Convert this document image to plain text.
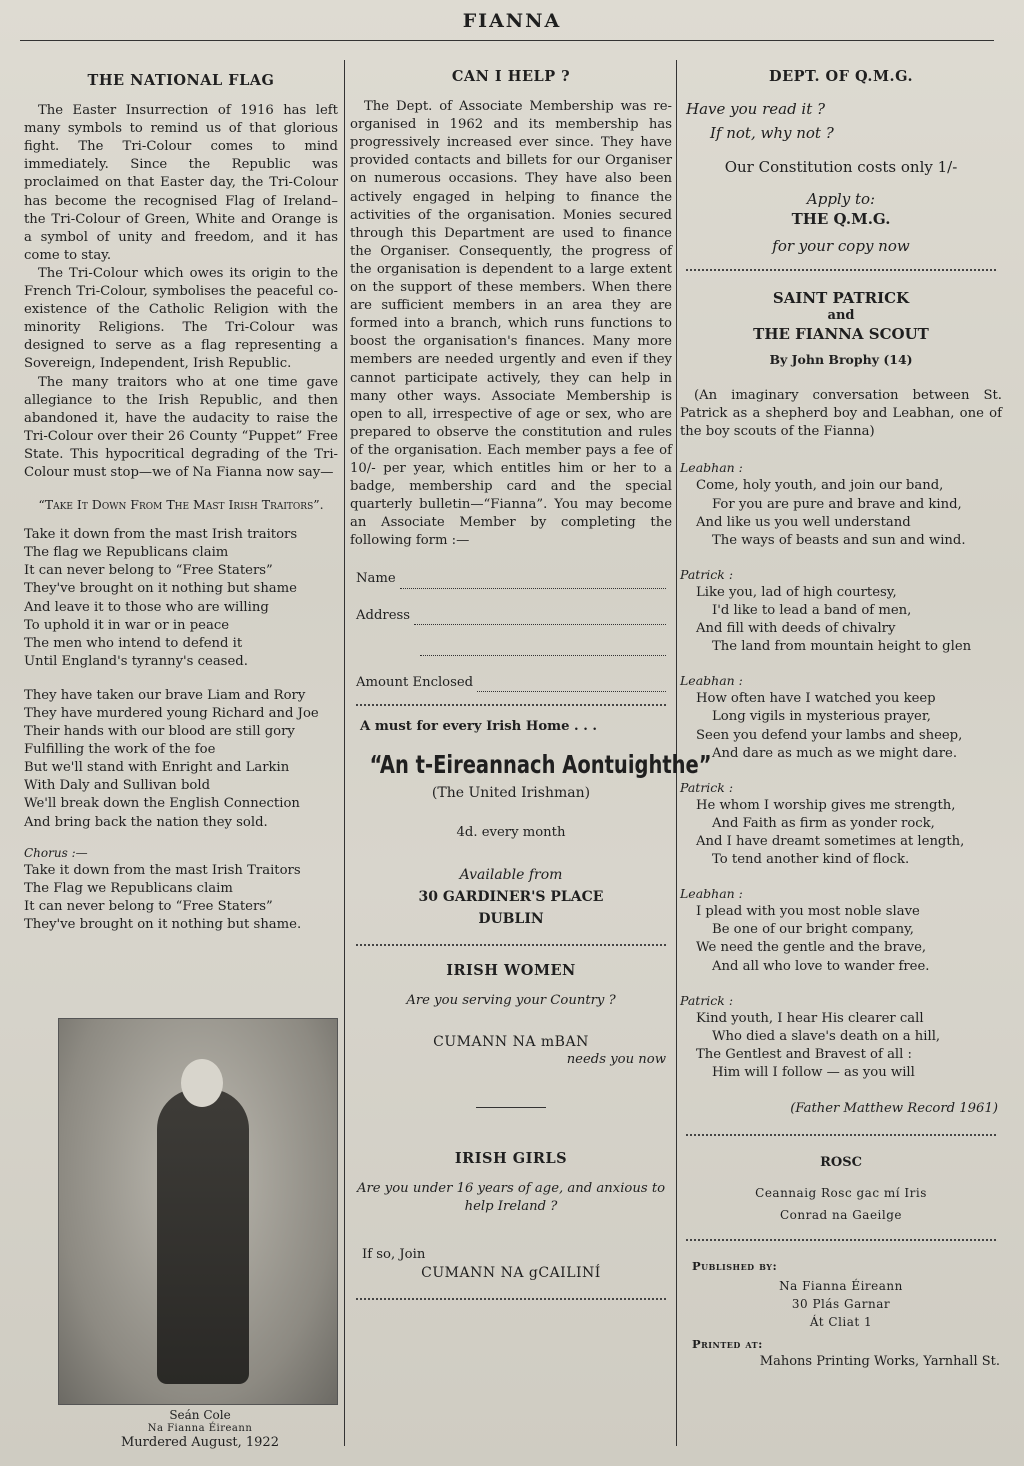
FIANNA
THE NATIONAL FLAG

The Easter Insurrection of 1916 has left many symbols to remind us of that glorious fight. The Tri-Colour comes to mind immediately. Since the Republic was proclaimed on that Easter day, the Tri-Colour has become the recognised Flag of Ireland–the Tri-Colour of Green, White and Orange is a symbol of unity and freedom, and it has come to stay.

The Tri-Colour which owes its origin to the French Tri-Colour, symbolises the peaceful co-existence of the Catholic Religion with the minority Religions. The Tri-Colour was designed to serve as a flag representing a Sovereign, Independent, Irish Republic.

The many traitors who at one time gave allegiance to the Irish Republic, and then abandoned it, have the audacity to raise the Tri-Colour over their 26 County “Puppet” Free State. This hypocritical degrading of the Tri-Colour must stop—we of Na Fianna now say—

“Take It Down From The Mast Irish Traitors”.

Take it down from the mast Irish traitors
The flag we Republicans claim
It can never belong to “Free Staters”
They've brought on it nothing but shame
And leave it to those who are willing
To uphold it in war or in peace
The men who intend to defend it
Until England's tyranny's ceased.
They have taken our brave Liam and Rory
They have murdered young Richard and Joe
Their hands with our blood are still gory
Fulfilling the work of the foe
But we'll stand with Enright and Larkin
With Daly and Sullivan bold
We'll break down the English Connection
And bring back the nation they sold.
Chorus :—
Take it down from the mast Irish Traitors
The Flag we Republicans claim
It can never belong to “Free Staters”
They've brought on it nothing but shame.
Seán Cole
Na Fianna Éireann
Murdered August, 1922
CAN I HELP ?

The Dept. of Associate Membership was re-organised in 1962 and its membership has progressively increased ever since. They have provided contacts and billets for our Organiser on numerous occasions. They have also been actively engaged in helping to finance the activities of the organisation. Monies secured through this Department are used to finance the Organiser. Consequently, the progress of the organisation is dependent to a large extent on the support of these members. When there are sufficient members in an area they are formed into a branch, which runs functions to boost the organisation's finances. Many more members are needed urgently and even if they cannot participate actively, they can help in many other ways. Associate Membership is open to all, irrespective of age or sex, who are prepared to observe the constitution and rules of the organisation. Each member pays a fee of 10/- per year, which entitles him or her to a badge, membership card and the special quarterly bulletin—“Fianna”. You may become an Associate Member by completing the following form :—

Name
Address
Amount Enclosed
A must for every Irish Home . . .
“An t-Eireannach Aontuighthe”
(The United Irishman)
4d. every month
Available from
30 GARDINER'S PLACE
DUBLIN
IRISH WOMEN
Are you serving your Country ?
CUMANN NA mBAN
needs you now
IRISH GIRLS

Are you under 16 years of age, and anxious to help Ireland ?

If so, Join
CUMANN NA gCAILINÍ
DEPT. OF Q.M.G.
Have you read it ?
If not, why not ?
Our Constitution costs only 1/-
Apply to:
THE Q.M.G.
for your copy now
SAINT PATRICK
and
THE FIANNA SCOUT
By John Brophy (14)

(An imaginary conversation between St. Patrick as a shepherd boy and Leabhan, one of the boy scouts of the Fianna)

Leabhan :
Come, holy youth, and join our band,
For you are pure and brave and kind,
And like us you well understand
The ways of beasts and sun and wind.
Patrick :
Like you, lad of high courtesy,
I'd like to lead a band of men,
And fill with deeds of chivalry
The land from mountain height to glen
Leabhan :
How often have I watched you keep
Long vigils in mysterious prayer,
Seen you defend your lambs and sheep,
And dare as much as we might dare.
Patrick :
He whom I worship gives me strength,
And Faith as firm as yonder rock,
And I have dreamt sometimes at length,
To tend another kind of flock.
Leabhan :
I plead with you most noble slave
Be one of our bright company,
We need the gentle and the brave,
And all who love to wander free.
Patrick :
Kind youth, I hear His clearer call
Who died a slave's death on a hill,
The Gentlest and Bravest of all :
Him will I follow — as you will
(Father Matthew Record 1961)
ROSC
Ceannaig Rosc gac mí Iris
Conrad na Gaeilge
Published by:
Na Fianna Éireann
30 Plás Garnar
Át Cliat 1
Printed at:
Mahons Printing Works, Yarnhall St.
